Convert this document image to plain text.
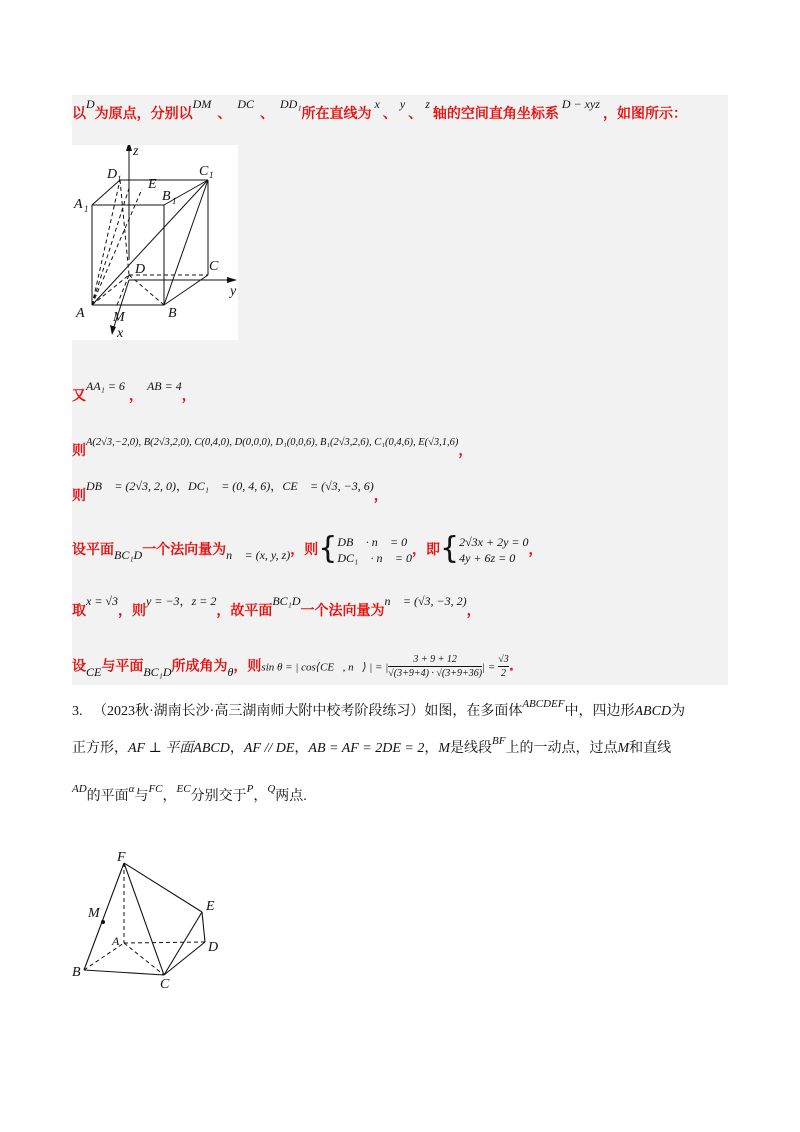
以D为原点，分别以DM、DC、DD₁所在直线为x、y、z轴的空间直角坐标系D − xyz，如图所示：
z
D 1	C 1
E
B 1
A 1
D	C
y
A M	B
x
又AA₁ = 6，AB = 4，
则$^{A(2√3,-2,0), B(2√3,2,0), C(0,4,0), D(0,0,0), D_1(0,0,6), B_1(2√3,2,6), C_1(0,4,6), E(√3,1,6)}$，
则DB⃗ = (2√3, 2, 0)，DC₁⃗ = (0, 4, 6)，CE⃗ = (√3, −3, 6)，
设平面BC₁D一个法向量为n⃗ = (x, y, z)，则{ DB⃗ · n⃗ = 0
DC₁⃗ · n⃗ = 0 ，即{ 2√3x + 2y = 0
4y + 6z = 0 ，
取x = √3，则y = −3，z = 2，故平面BC₁D一个法向量为n⃗ = (√3, −3, 2)，
设CE与平面BC₁D所成角为θ，则sin θ = | cos⟨CE⃗, n⃗⟩ | = | $\frac{3 + 9 + 12}{√(3+9+4) \cdot √(3+9+36)}$ | = $\frac{√3}{2}$ .
3. （2023秋·湖南长沙·高三湖南师大附中校考阶段练习）如图，在多面体$^{ABCDEF}$中，四边形ABCD为
正方形，AF ⊥ 平面ABCD，AF // DE，AB = AF = 2DE = 2，M是线段$^{BF}$上的一动点，过点M和直线
$^{AD}$的平面$^\alpha$与$^{FC}$，$^{EC}$分别交于$^P$，$^Q$两点.
F
M	E
A	D
B
C
